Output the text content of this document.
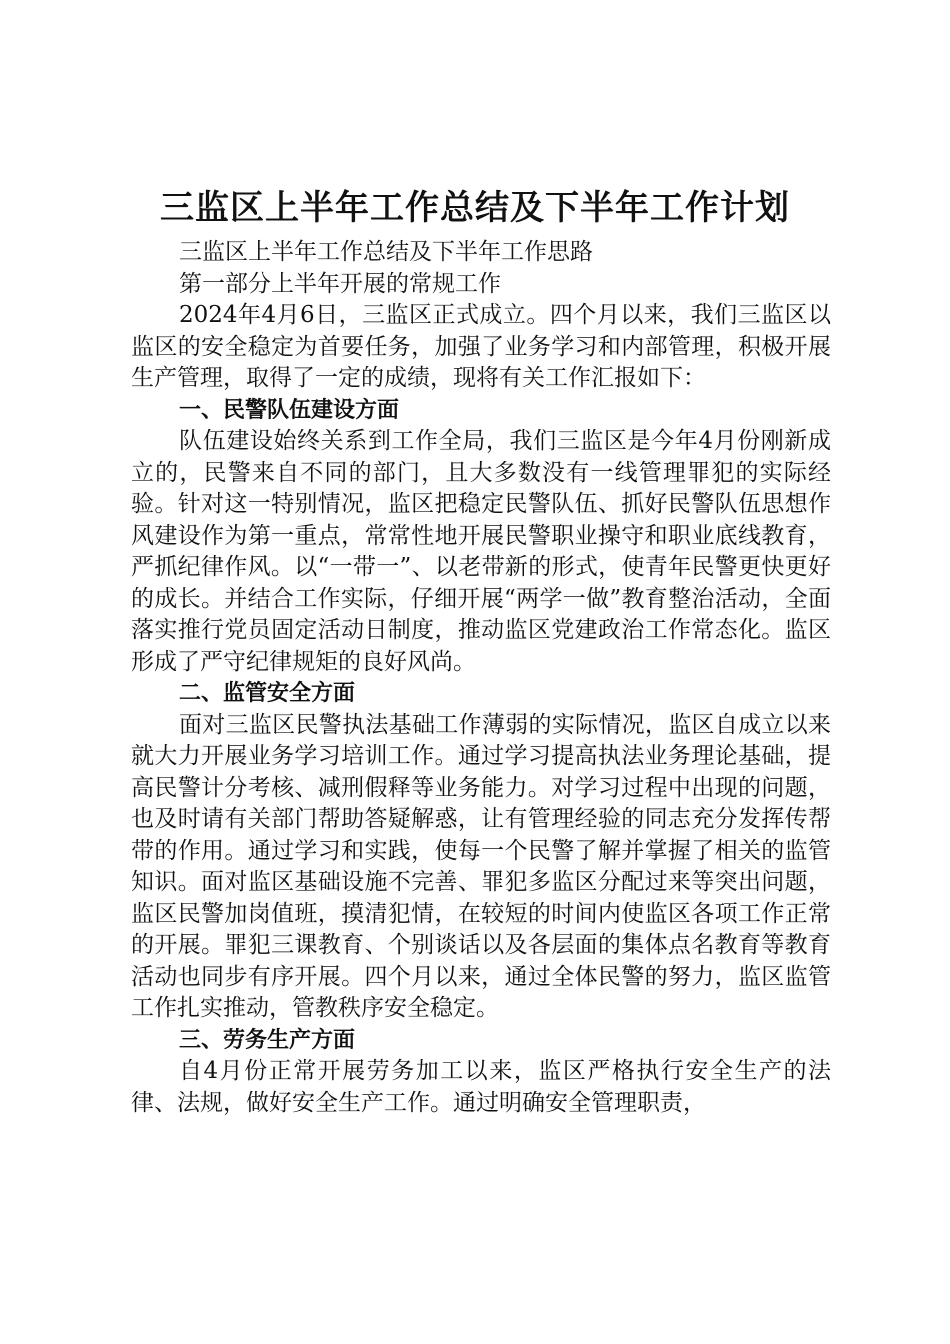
三监区上半年工作总结及下半年工作计划

三监区上半年工作总结及下半年工作思路

第一部分上半年开展的常规工作

2024年4月6日，三监区正式成立。四个月以来，我们三监区以监区的安全稳定为首要任务，加强了业务学习和内部管理，积极开展生产管理，取得了一定的成绩，现将有关工作汇报如下：

一、民警队伍建设方面

队伍建设始终关系到工作全局，我们三监区是今年4月份刚新成立的，民警来自不同的部门，且大多数没有一线管理罪犯的实际经验。针对这一特别情况，监区把稳定民警队伍、抓好民警队伍思想作风建设作为第一重点，常常性地开展民警职业操守和职业底线教育，严抓纪律作风。以“一带一”、以老带新的形式，使青年民警更快更好的成长。并结合工作实际，仔细开展“两学一做”教育整治活动，全面落实推行党员固定活动日制度，推动监区党建政治工作常态化。监区形成了严守纪律规矩的良好风尚。

二、监管安全方面

面对三监区民警执法基础工作薄弱的实际情况，监区自成立以来就大力开展业务学习培训工作。通过学习提高执法业务理论基础，提高民警计分考核、减刑假释等业务能力。对学习过程中出现的问题，也及时请有关部门帮助答疑解惑，让有管理经验的同志充分发挥传帮带的作用。通过学习和实践，使每一个民警了解并掌握了相关的监管知识。面对监区基础设施不完善、罪犯多监区分配过来等突出问题，监区民警加岗值班，摸清犯情，在较短的时间内使监区各项工作正常的开展。罪犯三课教育、个别谈话以及各层面的集体点名教育等教育活动也同步有序开展。四个月以来，通过全体民警的努力，监区监管工作扎实推动，管教秩序安全稳定。

三、劳务生产方面

自4月份正常开展劳务加工以来，监区严格执行安全生产的法律、法规，做好安全生产工作。通过明确安全管理职责，
